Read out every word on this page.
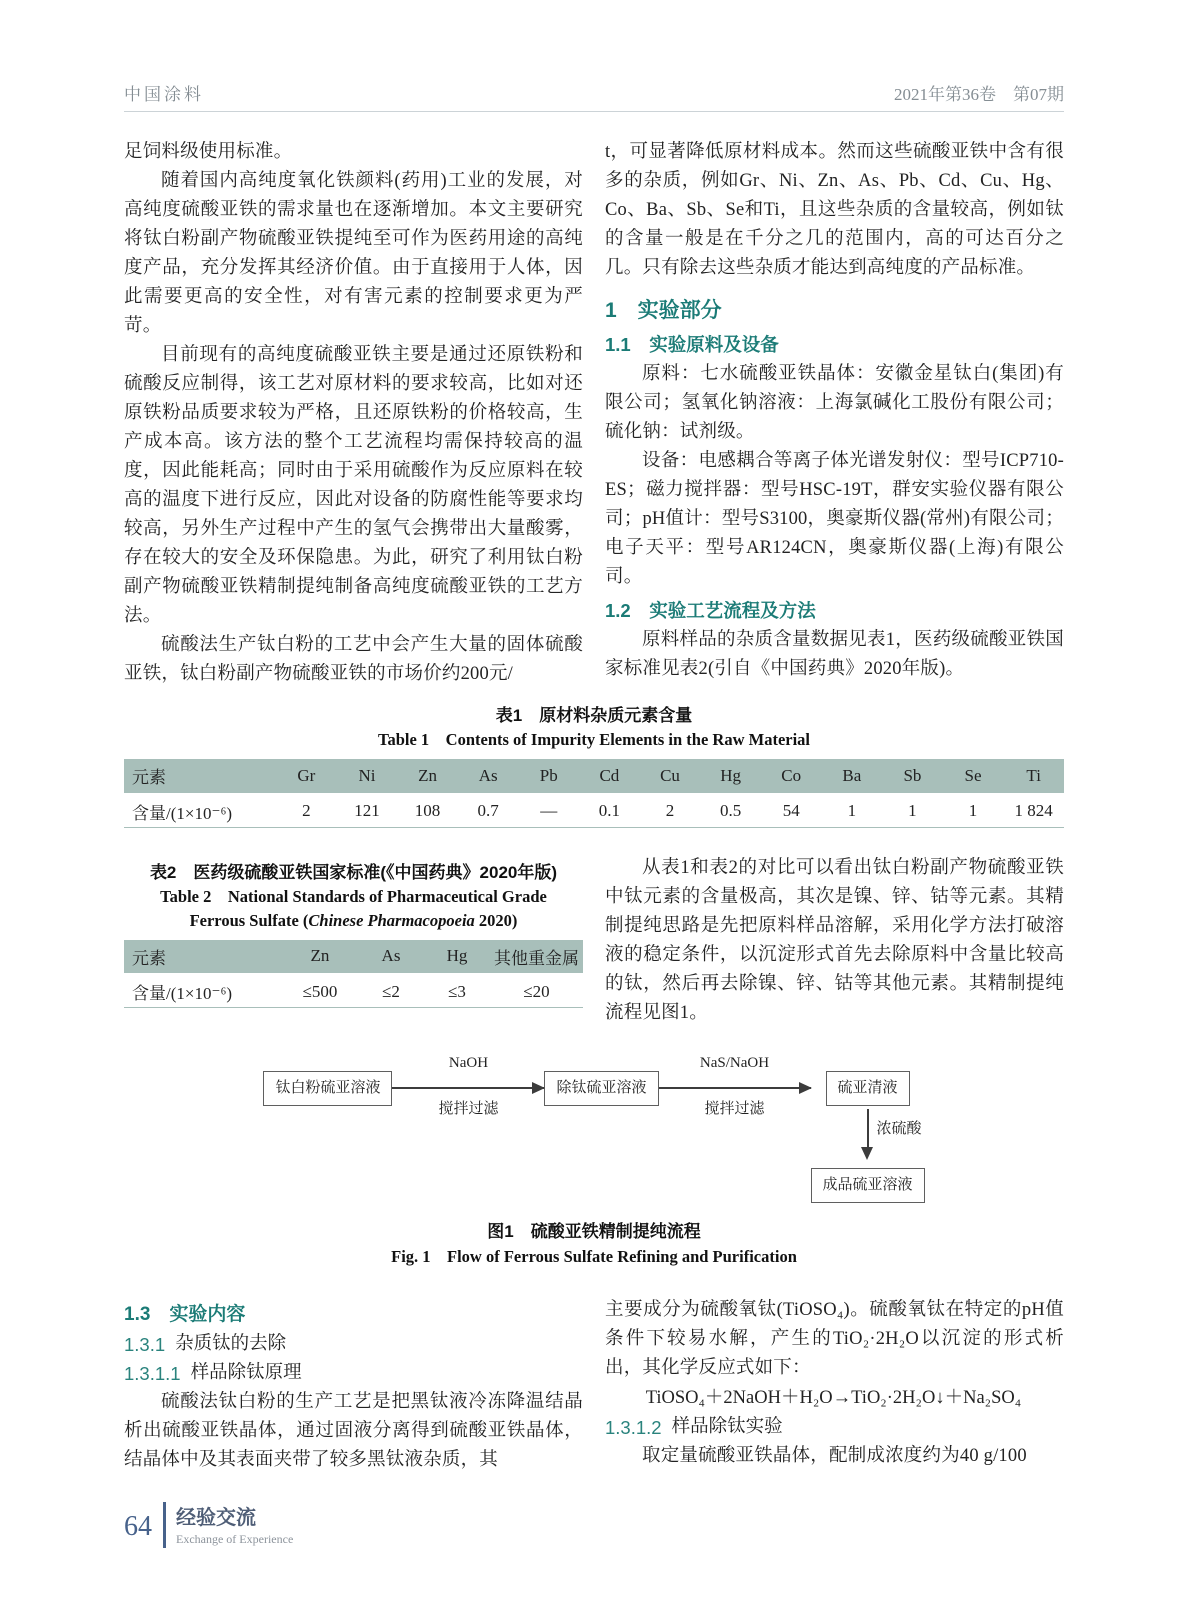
中国涂料	2021年第36卷　第07期

足饲料级使用标准。

随着国内高纯度氧化铁颜料(药用)工业的发展，对高纯度硫酸亚铁的需求量也在逐渐增加。本文主要研究将钛白粉副产物硫酸亚铁提纯至可作为医药用途的高纯度产品，充分发挥其经济价值。由于直接用于人体，因此需要更高的安全性，对有害元素的控制要求更为严苛。

目前现有的高纯度硫酸亚铁主要是通过还原铁粉和硫酸反应制得，该工艺对原材料的要求较高，比如对还原铁粉品质要求较为严格，且还原铁粉的价格较高，生产成本高。该方法的整个工艺流程均需保持较高的温度，因此能耗高；同时由于采用硫酸作为反应原料在较高的温度下进行反应，因此对设备的防腐性能等要求均较高，另外生产过程中产生的氢气会携带出大量酸雾，存在较大的安全及环保隐患。为此，研究了利用钛白粉副产物硫酸亚铁精制提纯制备高纯度硫酸亚铁的工艺方法。

硫酸法生产钛白粉的工艺中会产生大量的固体硫酸亚铁，钛白粉副产物硫酸亚铁的市场价约200元/

t，可显著降低原材料成本。然而这些硫酸亚铁中含有很多的杂质，例如Gr、Ni、Zn、As、Pb、Cd、Cu、Hg、Co、Ba、Sb、Se和Ti，且这些杂质的含量较高，例如钛的含量一般是在千分之几的范围内，高的可达百分之几。只有除去这些杂质才能达到高纯度的产品标准。

1　实验部分
1.1　实验原料及设备

原料：七水硫酸亚铁晶体：安徽金星钛白(集团)有限公司；氢氧化钠溶液：上海氯碱化工股份有限公司；硫化钠：试剂级。

设备：电感耦合等离子体光谱发射仪：型号ICP710-ES；磁力搅拌器：型号HSC-19T，群安实验仪器有限公司；pH值计：型号S3100，奥豪斯仪器(常州)有限公司；电子天平：型号AR124CN，奥豪斯仪器(上海)有限公司。

1.2　实验工艺流程及方法

原料样品的杂质含量数据见表1，医药级硫酸亚铁国家标准见表2(引自《中国药典》2020年版)。

表1　原材料杂质元素含量
Table 1　Contents of Impurity Elements in the Raw Material
元素	Gr	Ni	Zn	As	Pb	Cd	Cu	Hg	Co	Ba	Sb	Se	Ti
含量/(1×10⁻⁶)	2	121	108	0.7	—	0.1	2	0.5	54	1	1	1	1 824
表2　医药级硫酸亚铁国家标准(《中国药典》2020年版)
Table 2　National Standards of Pharmaceutical Grade
Ferrous Sulfate (Chinese Pharmacopoeia 2020)
元素	Zn	As	Hg	其他重金属
含量/(1×10⁻⁶)	≤500	≤2	≤3	≤20

从表1和表2的对比可以看出钛白粉副产物硫酸亚铁中钛元素的含量极高，其次是镍、锌、钴等元素。其精制提纯思路是先把原料样品溶解，采用化学方法打破溶液的稳定条件，以沉淀形式首先去除原料中含量比较高的钛，然后再去除镍、锌、钴等其他元素。其精制提纯流程见图1。

钛白粉硫亚溶液
NaOH
搅拌过滤
除钛硫亚溶液
NaS/NaOH
搅拌过滤
硫亚清液
浓硫酸
成品硫亚溶液
图1　硫酸亚铁精制提纯流程
Fig. 1　Flow of Ferrous Sulfate Refining and Purification
1.3　实验内容
1.3.1 杂质钛的去除
1.3.1.1 样品除钛原理

硫酸法钛白粉的生产工艺是把黑钛液冷冻降温结晶析出硫酸亚铁晶体，通过固液分离得到硫酸亚铁晶体，结晶体中及其表面夹带了较多黑钛液杂质，其

主要成分为硫酸氧钛(TiOSO₄)。硫酸氧钛在特定的pH值条件下较易水解，产生的TiO₂·2H₂O以沉淀的形式析出，其化学反应式如下：

TiOSO₄＋2NaOH＋H₂O→TiO₂·2H₂O↓＋Na₂SO₄

1.3.1.2 样品除钛实验

取定量硫酸亚铁晶体，配制成浓度约为40 g/100

64 经验交流
Exchange of Experience
